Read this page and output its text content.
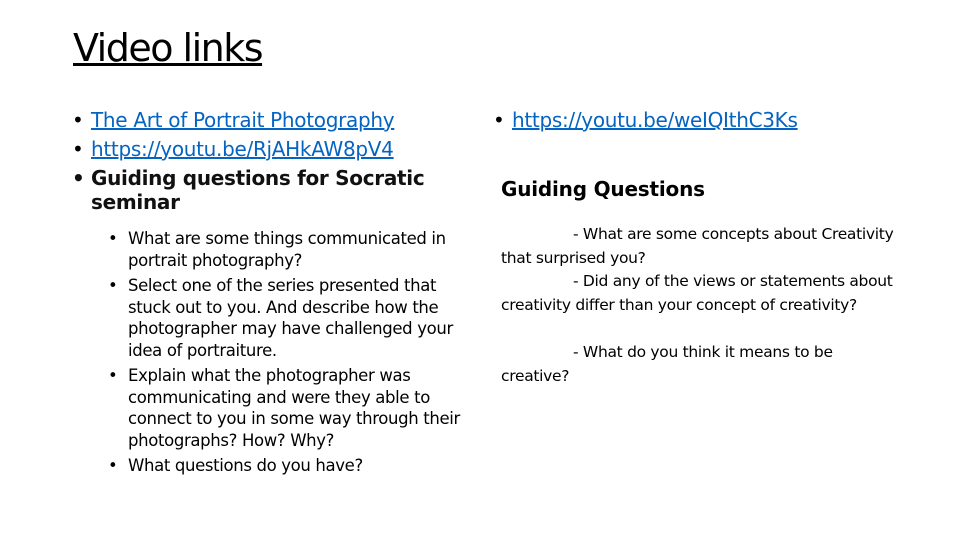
Video links
• The Art of Portrait Photography
• https://youtu.be/RjAHkAW8pV4
• Guiding questions for Socratic seminar
• What are some things communicated in portrait photography?
• Select one of the series presented that stuck out to you. And describe how the photographer may have challenged your idea of portraiture.
• Explain what the photographer was communicating and were they able to connect to you in some way through their photographs? How? Why?
• What questions do you have?
• https://youtu.be/weIQIthC3Ks
Guiding Questions
- What are some concepts about Creativity
that surprised you?
- Did any of the views or statements about
creativity differ than your concept of creativity?
- What do you think it means to be
creative?
